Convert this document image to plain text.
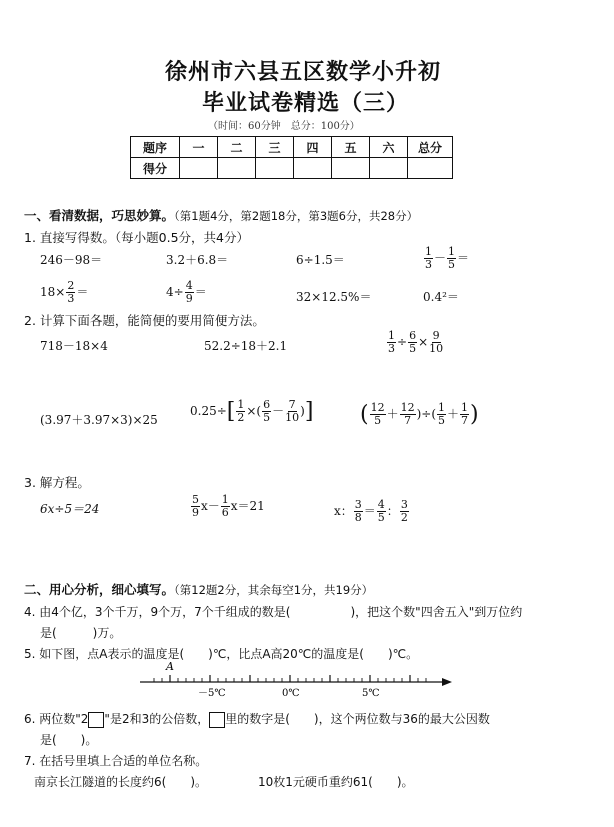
徐州市六县五区数学小升初
毕业试卷精选（三）
（时间：60分钟　总分：100分）
题序	一	二	三	四	五	六	总分
得分							
一、看清数据，巧思妙算。（第1题4分，第2题18分，第3题6分，共28分）
1. 直接写得数。（每小题0.5分，共4分）
246－98＝	3.2＋6.8＝	6÷1.5＝	$\frac{1}{3} - \frac{1}{5}$ ＝
$18\times \frac{2}{3}$ ＝	$4\div \frac{4}{9}$ ＝	32×12.5%＝	0.4²＝
2. 计算下面各题，能简便的要用简便方法。
718－18×4	52.2÷18＋2.1	$\frac{1}{3} \div \frac{6}{5} \times \frac{9}{10}$
(3.97＋3.97×3)×25
$0.25\div[ \frac{1}{2}$ ×( $\frac{6}{5} - \frac{7}{10}$ )] ( $\frac{12}{5} + \frac{12}{7}$ )÷( $\frac{1}{5} + \frac{1}{7}$ )
3. 解方程。
6x÷5＝24	$\frac{5}{9} x- \frac{1}{6} x=21$	x： $\frac{3}{8} = \frac{4}{5}$ ： $\frac{3}{2}$
二、用心分析，细心填写。（第12题2分，其余每空1分，共19分）
4. 由4个亿，3个千万，9个万，7个千组成的数是(　　　　　)，把这个数"四舍五入"到万位约
是(　　　)万。
5. 如下图，点A表示的温度是(　　)℃，比点A高20℃的温度是(　　)℃。
A
－5℃	0℃	5℃
6. 两位数"2 "是2和3的公倍数， 里的数字是(　　)，这个两位数与36的最大公因数
是(　　)。
7. 在括号里填上合适的单位名称。
南京长江隧道的长度约6(　　)。	10枚1元硬币重约61(　　)。
